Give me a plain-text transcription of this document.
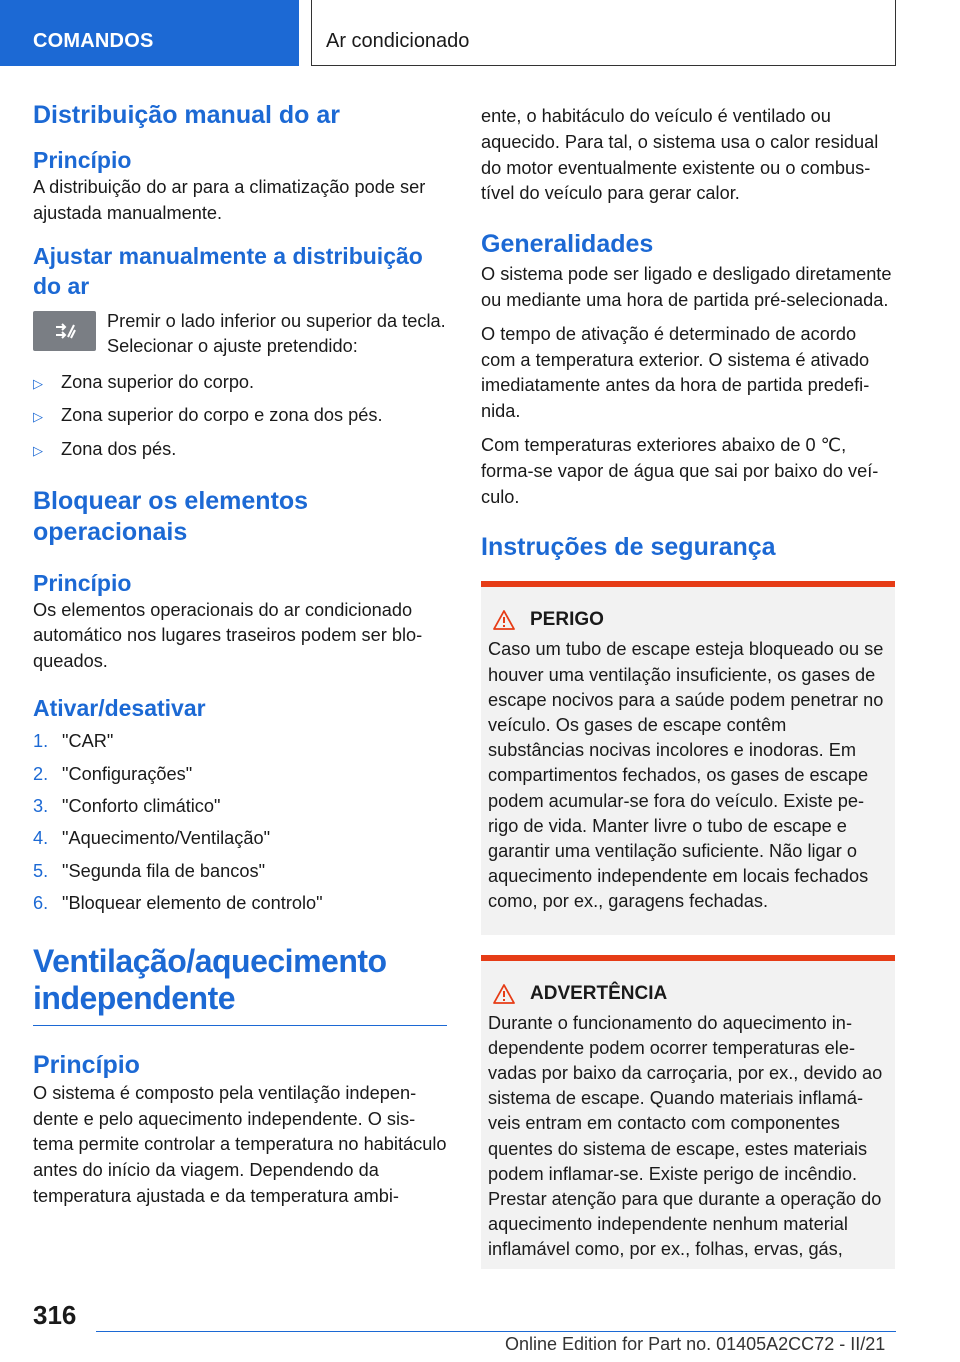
COMANDOS	Ar condicionado
Distribuição manual do ar
Princípio
A distribuição do ar para a climatização pode ser ajustada manualmente.
Ajustar manualmente a distribuição do ar
Premir o lado inferior ou superior da tecla. Selecionar o ajuste pretendido:
▷ Zona superior do corpo.
▷ Zona superior do corpo e zona dos pés.
▷ Zona dos pés.
Bloquear os elementos operacionais
Princípio
Os elementos operacionais do ar condicionado automático nos lugares traseiros podem ser bloqueados.
Ativar/desativar
1. "CAR"
2. "Configurações"
3. "Conforto climático"
4. "Aquecimento/Ventilação"
5. "Segunda fila de bancos"
6. "Bloquear elemento de controlo"
Ventilação/aquecimento independente
Princípio
O sistema é composto pela ventilação independente e pelo aquecimento independente. O sistema permite controlar a temperatura no habitáculo antes do início da viagem. Dependendo da temperatura ajustada e da temperatura ambi-
ente, o habitáculo do veículo é ventilado ou aquecido. Para tal, o sistema usa o calor residual do motor eventualmente existente ou o combustível do veículo para gerar calor.
Generalidades
O sistema pode ser ligado e desligado diretamente ou mediante uma hora de partida pré-selecionada.
O tempo de ativação é determinado de acordo com a temperatura exterior. O sistema é ativado imediatamente antes da hora de partida predefinida.
Com temperaturas exteriores abaixo de 0 ℃, forma-se vapor de água que sai por baixo do veículo.
Instruções de segurança
PERIGO
Caso um tubo de escape esteja bloqueado ou se houver uma ventilação insuficiente, os gases de escape nocivos para a saúde podem penetrar no veículo. Os gases de escape contêm substâncias nocivas incolores e inodoras. Em compartimentos fechados, os gases de escape podem acumular-se fora do veículo. Existe perigo de vida. Manter livre o tubo de escape e garantir uma ventilação suficiente. Não ligar o aquecimento independente em locais fechados como, por ex., garagens fechadas.
ADVERTÊNCIA
Durante o funcionamento do aquecimento independente podem ocorrer temperaturas elevadas por baixo da carroçaria, por ex., devido ao sistema de escape. Quando materiais inflamáveis entram em contacto com componentes quentes do sistema de escape, estes materiais podem inflamar-se. Existe perigo de incêndio. Prestar atenção para que durante a operação do aquecimento independente nenhum material inflamável como, por ex., folhas, ervas, gás,
316
Online Edition for Part no. 01405A2CC72 - II/21
